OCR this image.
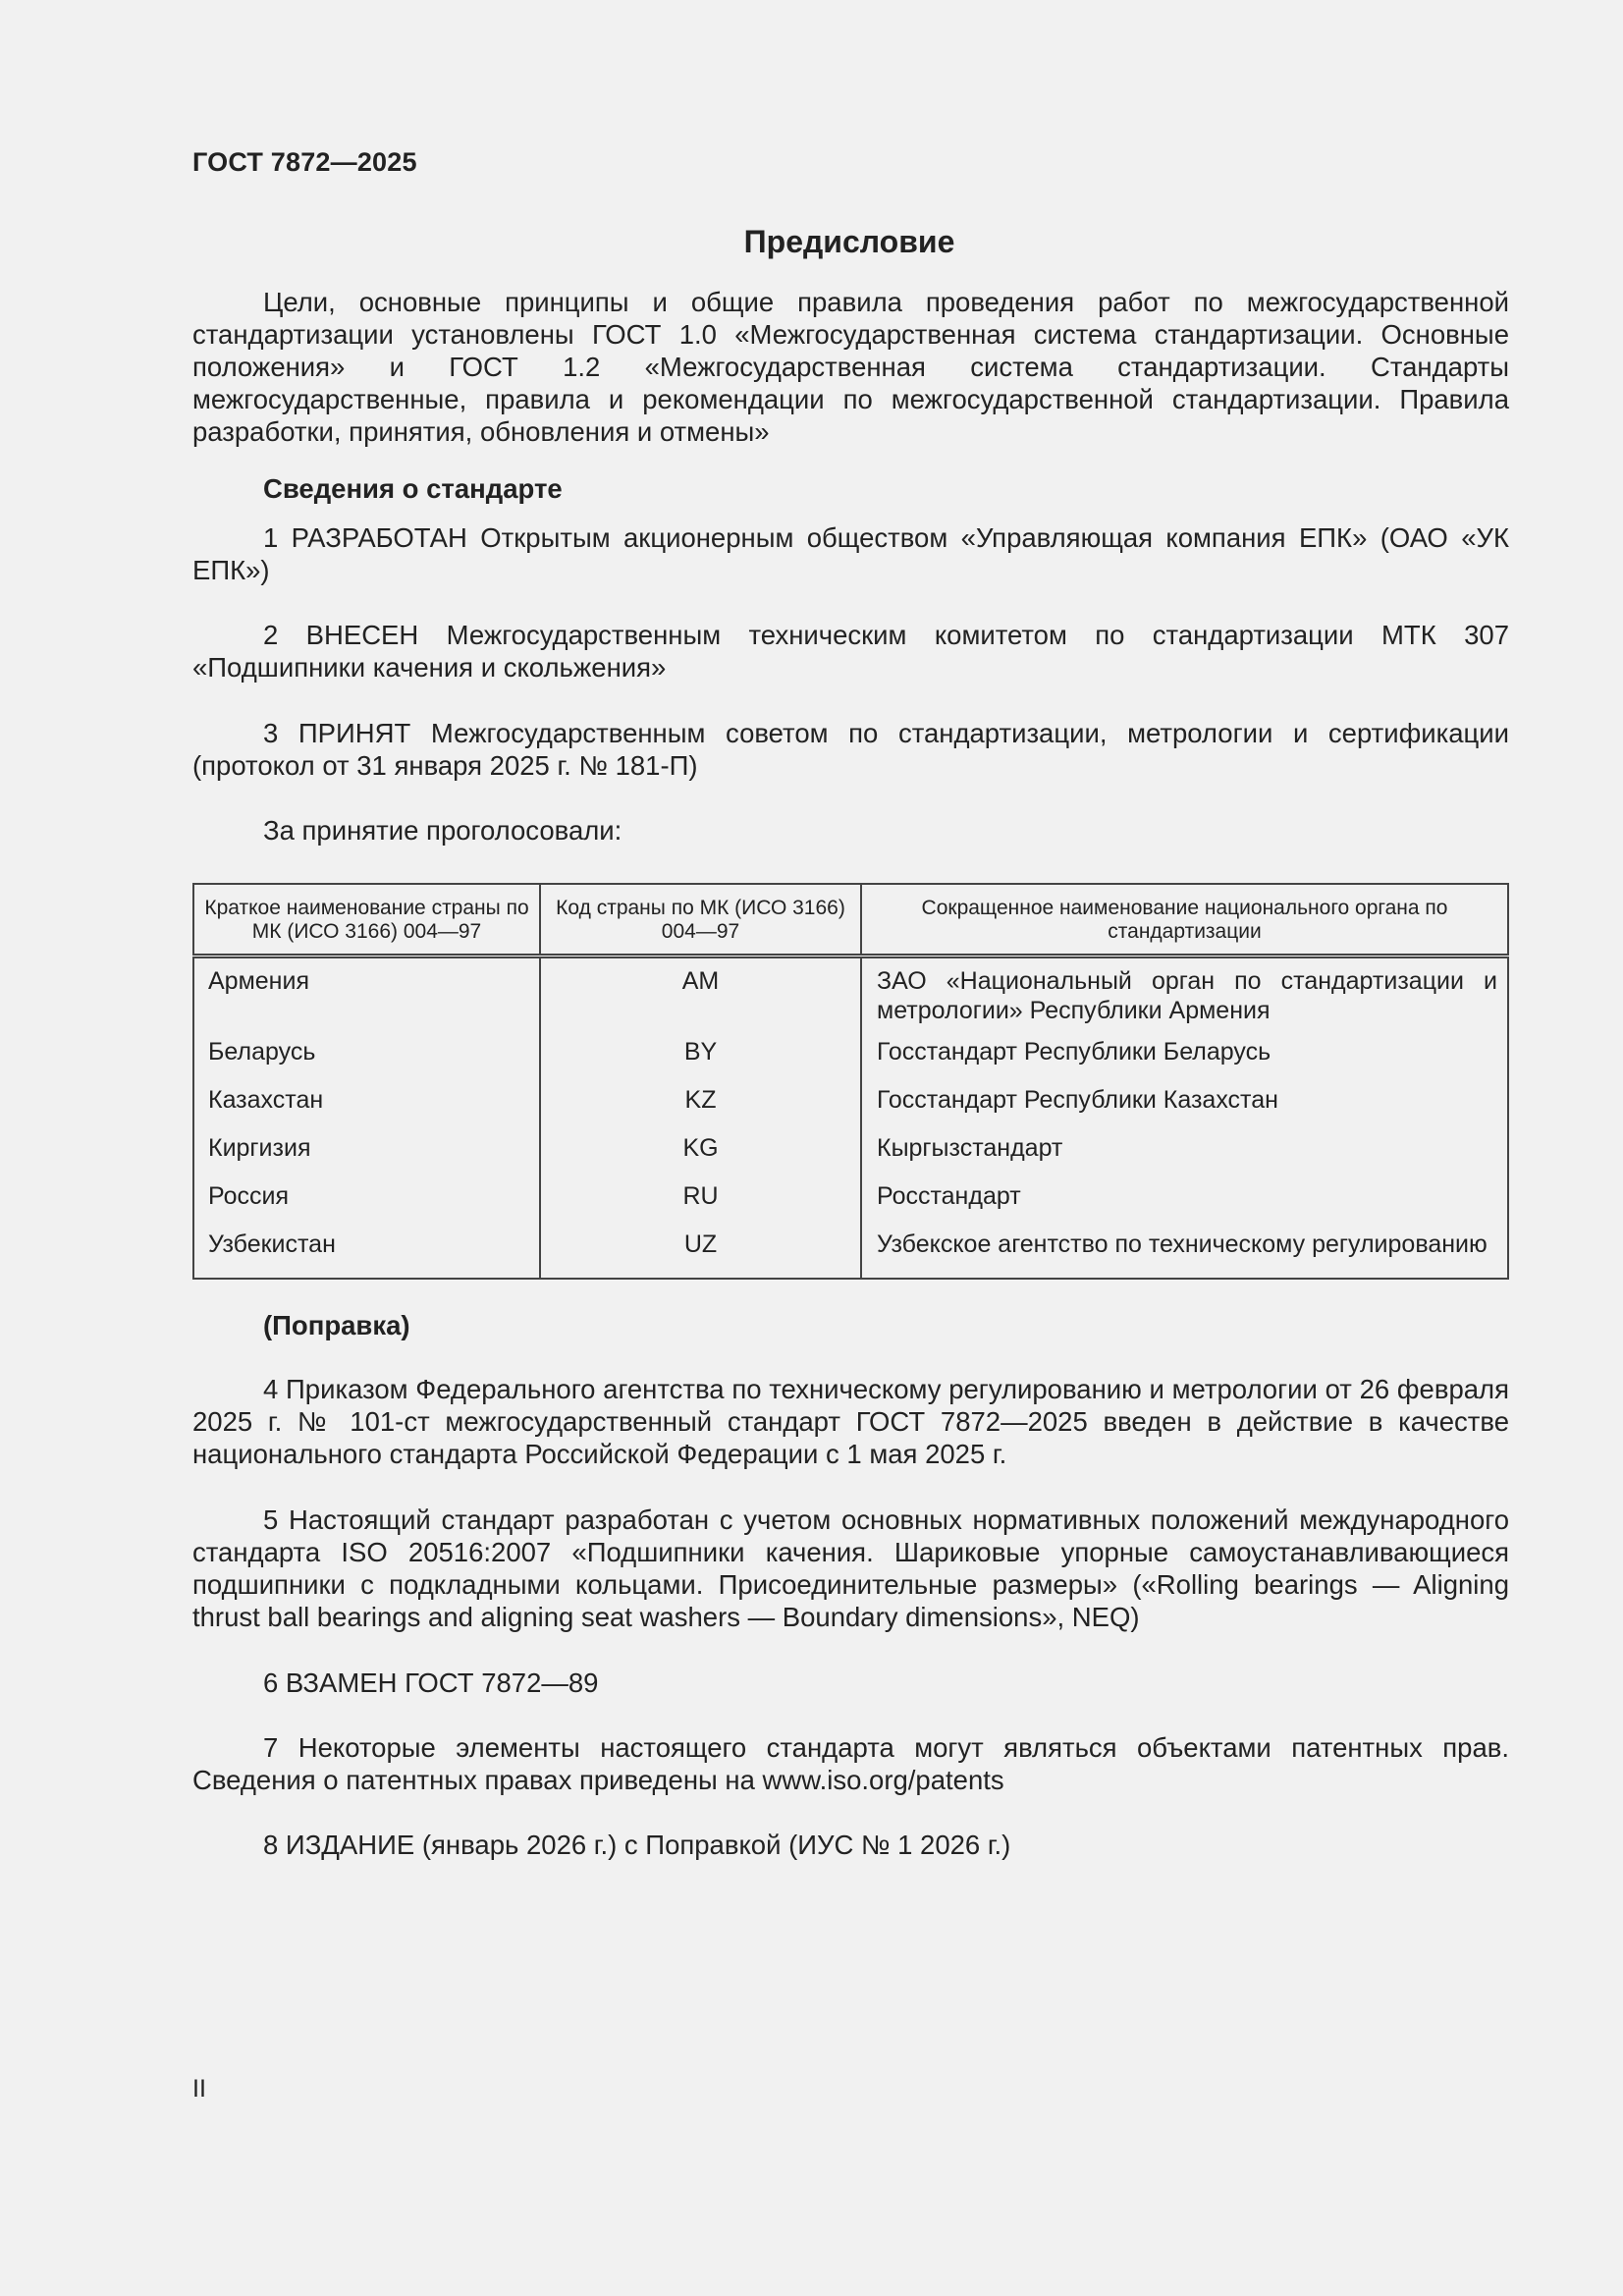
ГОСТ 7872—2025
Предисловие

Цели, основные принципы и общие правила проведения работ по межгосударственной стандартизации установлены ГОСТ 1.0 «Межгосударственная система стандартизации. Основные положения» и ГОСТ 1.2 «Межгосударственная система стандартизации. Стандарты межгосударственные, правила и рекомендации по межгосударственной стандартизации. Правила разработки, принятия, обновления и отмены»

Сведения о стандарте

1 РАЗРАБОТАН Открытым акционерным обществом «Управляющая компания ЕПК» (ОАО «УК ЕПК»)

2 ВНЕСЕН Межгосударственным техническим комитетом по стандартизации МТК 307 «Подшипники качения и скольжения»

3 ПРИНЯТ Межгосударственным советом по стандартизации, метрологии и сертификации (протокол от 31 января 2025 г. № 181-П)

За принятие проголосовали:

Краткое наименование страны по МК (ИСО 3166) 004—97	Код страны по МК (ИСО 3166) 004—97	Сокращенное наименование национального органа по стандартизации
Армения	AM	ЗАО «Национальный орган по стандартизации и метрологии» Республики Армения
Беларусь	BY	Госстандарт Республики Беларусь
Казахстан	KZ	Госстандарт Республики Казахстан
Киргизия	KG	Кыргызстандарт
Россия	RU	Росстандарт
Узбекистан	UZ	Узбекское агентство по техническому регулированию

(Поправка)

4 Приказом Федерального агентства по техническому регулированию и метрологии от 26 февраля 2025 г. № 101-ст межгосударственный стандарт ГОСТ 7872—2025 введен в действие в качестве национального стандарта Российской Федерации с 1 мая 2025 г.

5 Настоящий стандарт разработан с учетом основных нормативных положений международного стандарта ISO 20516:2007 «Подшипники качения. Шариковые упорные самоустанавливающиеся подшипники с подкладными кольцами. Присоединительные размеры» («Rolling bearings — Aligning thrust ball bearings and aligning seat washers — Boundary dimensions», NEQ)

6 ВЗАМЕН ГОСТ 7872—89

7 Некоторые элементы настоящего стандарта могут являться объектами патентных прав. Сведения о патентных правах приведены на www.iso.org/patents

8 ИЗДАНИЕ (январь 2026 г.) с Поправкой (ИУС № 1 2026 г.)

II
